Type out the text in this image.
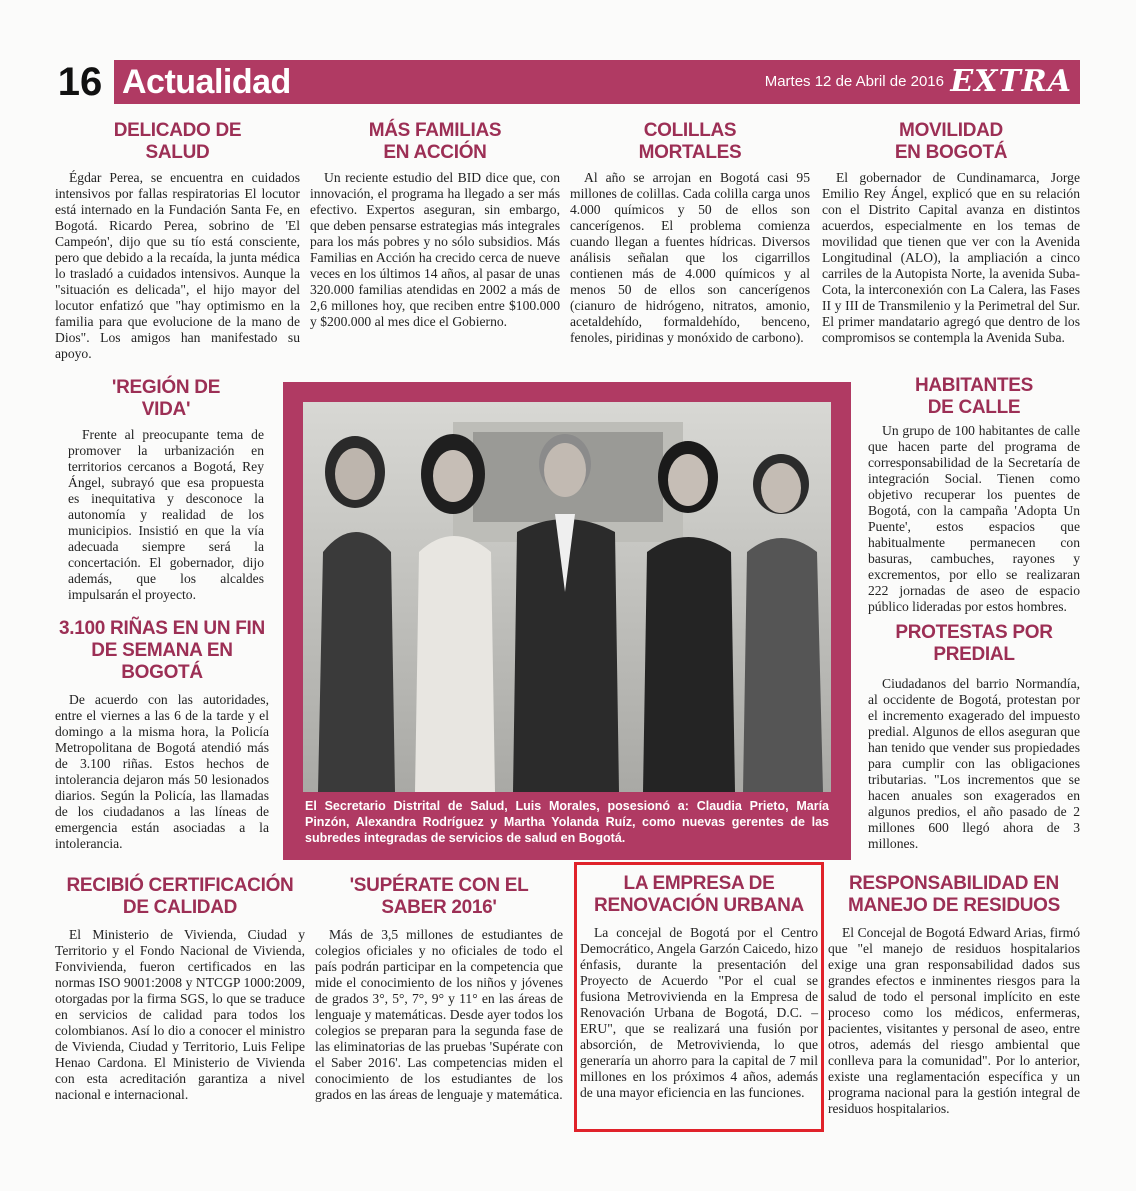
16 Actualidad	Martes 12 de Abril de 2016 EXTRA
DELICADO DE SALUD

Égdar Perea, se encuentra en cuidados intensivos por fallas respiratorias El locutor está internado en la Fundación Santa Fe, en Bogotá. Ricardo Perea, sobrino de 'El Campeón', dijo que su tío está consciente, pero que debido a la recaída, la junta médica lo trasladó a cuidados intensivos. Aunque la "situación es delicada", el hijo mayor del locutor enfatizó que "hay optimismo en la familia para que evolucione de la mano de Dios". Los amigos han manifestado su apoyo.

MÁS FAMILIAS EN ACCIÓN

Un reciente estudio del BID dice que, con innovación, el programa ha llegado a ser más efectivo. Expertos aseguran, sin embargo, que deben pensarse estrategias más integrales para los más pobres y no sólo subsidios. Más Familias en Acción ha crecido cerca de nueve veces en los últimos 14 años, al pasar de unas 320.000 familias atendidas en 2002 a más de 2,6 millones hoy, que reciben entre $100.000 y $200.000 al mes dice el Gobierno.

COLILLAS MORTALES

Al año se arrojan en Bogotá casi 95 millones de colillas. Cada colilla carga unos 4.000 químicos y 50 de ellos son cancerígenos. El problema comienza cuando llegan a fuentes hídricas. Diversos análisis señalan que los cigarrillos contienen más de 4.000 químicos y al menos 50 de ellos son cancerígenos (cianuro de hidrógeno, nitratos, amonio, acetaldehído, formaldehído, benceno, fenoles, piridinas y monóxido de carbono).

MOVILIDAD EN BOGOTÁ

El gobernador de Cundinamarca, Jorge Emilio Rey Ángel, explicó que en su relación con el Distrito Capital avanza en distintos acuerdos, especialmente en los temas de movilidad que tienen que ver con la Avenida Longitudinal (ALO), la ampliación a cinco carriles de la Autopista Norte, la avenida Suba-Cota, la interconexión con La Calera, las Fases II y III de Transmilenio y la Perimetral del Sur. El primer mandatario agregó que dentro de los compromisos se contempla la Avenida Suba.

'REGIÓN DE VIDA'

Frente al preocupante tema de promover la urbanización en territorios cercanos a Bogotá, Rey Ángel, subrayó que esa propuesta es inequitativa y desconoce la autonomía y realidad de los municipios. Insistió en que la vía adecuada siempre será la concertación. El gobernador, dijo además, que los alcaldes impulsarán el proyecto.

3.100 RIÑAS EN UN FIN DE SEMANA EN BOGOTÁ

De acuerdo con las autoridades, entre el viernes a las 6 de la tarde y el domingo a la misma hora, la Policía Metropolitana de Bogotá atendió más de 3.100 riñas. Estos hechos de intolerancia dejaron más 50 lesionados diarios. Según la Policía, las llamadas de los ciudadanos a las líneas de emergencia están asociadas a la intolerancia.

HABITANTES DE CALLE

Un grupo de 100 habitantes de calle que hacen parte del programa de corresponsabilidad de la Secretaría de integración Social. Tienen como objetivo recuperar los puentes de Bogotá, con la campaña 'Adopta Un Puente', estos espacios que habitualmente permanecen con basuras, cambuches, rayones y excrementos, por ello se realizaran 222 jornadas de aseo de espacio público lideradas por estos hombres.

PROTESTAS POR PREDIAL

Ciudadanos del barrio Normandía, al occidente de Bogotá, protestan por el incremento exagerado del impuesto predial. Algunos de ellos aseguran que han tenido que vender sus propiedades para cumplir con las obligaciones tributarias. "Los incrementos que se hacen anuales son exagerados en algunos predios, el año pasado de 2 millones 600 llegó ahora de 3 millones.

El Secretario Distrital de Salud, Luis Morales, posesionó a: Claudia Prieto, María Pinzón, Alexandra Rodríguez y Martha Yolanda Ruíz, como nuevas gerentes de las subredes integradas de servicios de salud en Bogotá.
RECIBIÓ CERTIFICACIÓN DE CALIDAD

El Ministerio de Vivienda, Ciudad y Territorio y el Fondo Nacional de Vivienda, Fonvivienda, fueron certificados en las normas ISO 9001:2008 y NTCGP 1000:2009, otorgadas por la firma SGS, lo que se traduce en servicios de calidad para todos los colombianos. Así lo dio a conocer el ministro de Vivienda, Ciudad y Territorio, Luis Felipe Henao Cardona. El Ministerio de Vivienda con esta acreditación garantiza a nivel nacional e internacional.

'SUPÉRATE CON EL SABER 2016'

Más de 3,5 millones de estudiantes de colegios oficiales y no oficiales de todo el país podrán participar en la competencia que mide el conocimiento de los niños y jóvenes de grados 3°, 5°, 7°, 9° y 11° en las áreas de lenguaje y matemáticas. Desde ayer todos los colegios se preparan para la segunda fase de las eliminatorias de las pruebas 'Supérate con el Saber 2016'. Las competencias miden el conocimiento de los estudiantes de los grados en las áreas de lenguaje y matemática.

LA EMPRESA DE RENOVACIÓN URBANA

La concejal de Bogotá por el Centro Democrático, Angela Garzón Caicedo, hizo énfasis, durante la presentación del Proyecto de Acuerdo "Por el cual se fusiona Metrovivienda en la Empresa de Renovación Urbana de Bogotá, D.C. – ERU", que se realizará una fusión por absorción, de Metrovivienda, lo que generaría un ahorro para la capital de 7 mil millones en los próximos 4 años, además de una mayor eficiencia en las funciones.

RESPONSABILIDAD EN MANEJO DE RESIDUOS

El Concejal de Bogotá Edward Arias, firmó que "el manejo de residuos hospitalarios exige una gran responsabilidad dados sus grandes efectos e inminentes riesgos para la salud de todo el personal implícito en este proceso como los médicos, enfermeras, pacientes, visitantes y personal de aseo, entre otros, además del riesgo ambiental que conlleva para la comunidad". Por lo anterior, existe una reglamentación específica y un programa nacional para la gestión integral de residuos hospitalarios.
